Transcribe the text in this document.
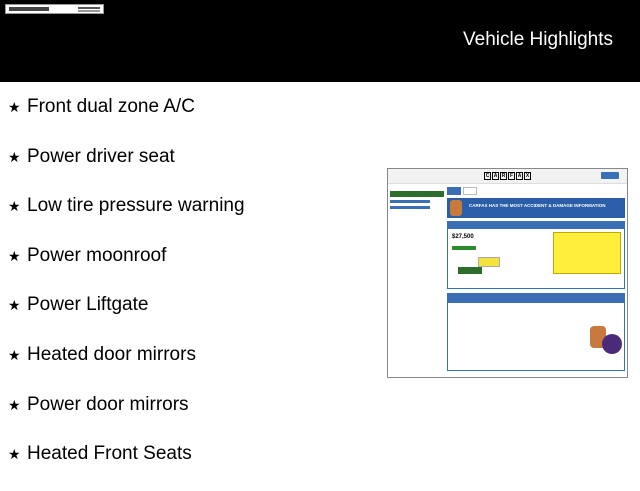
Vehicle Highlights
★ Front dual zone A/C
★ Power driver seat
★ Low tire pressure warning
★ Power moonroof
★ Power Liftgate
★ Heated door mirrors
★ Power door mirrors
★ Heated Front Seats
C A R F A X
CARFAX HAS THE MOST ACCIDENT & DAMAGE INFORMATION
$27,500
